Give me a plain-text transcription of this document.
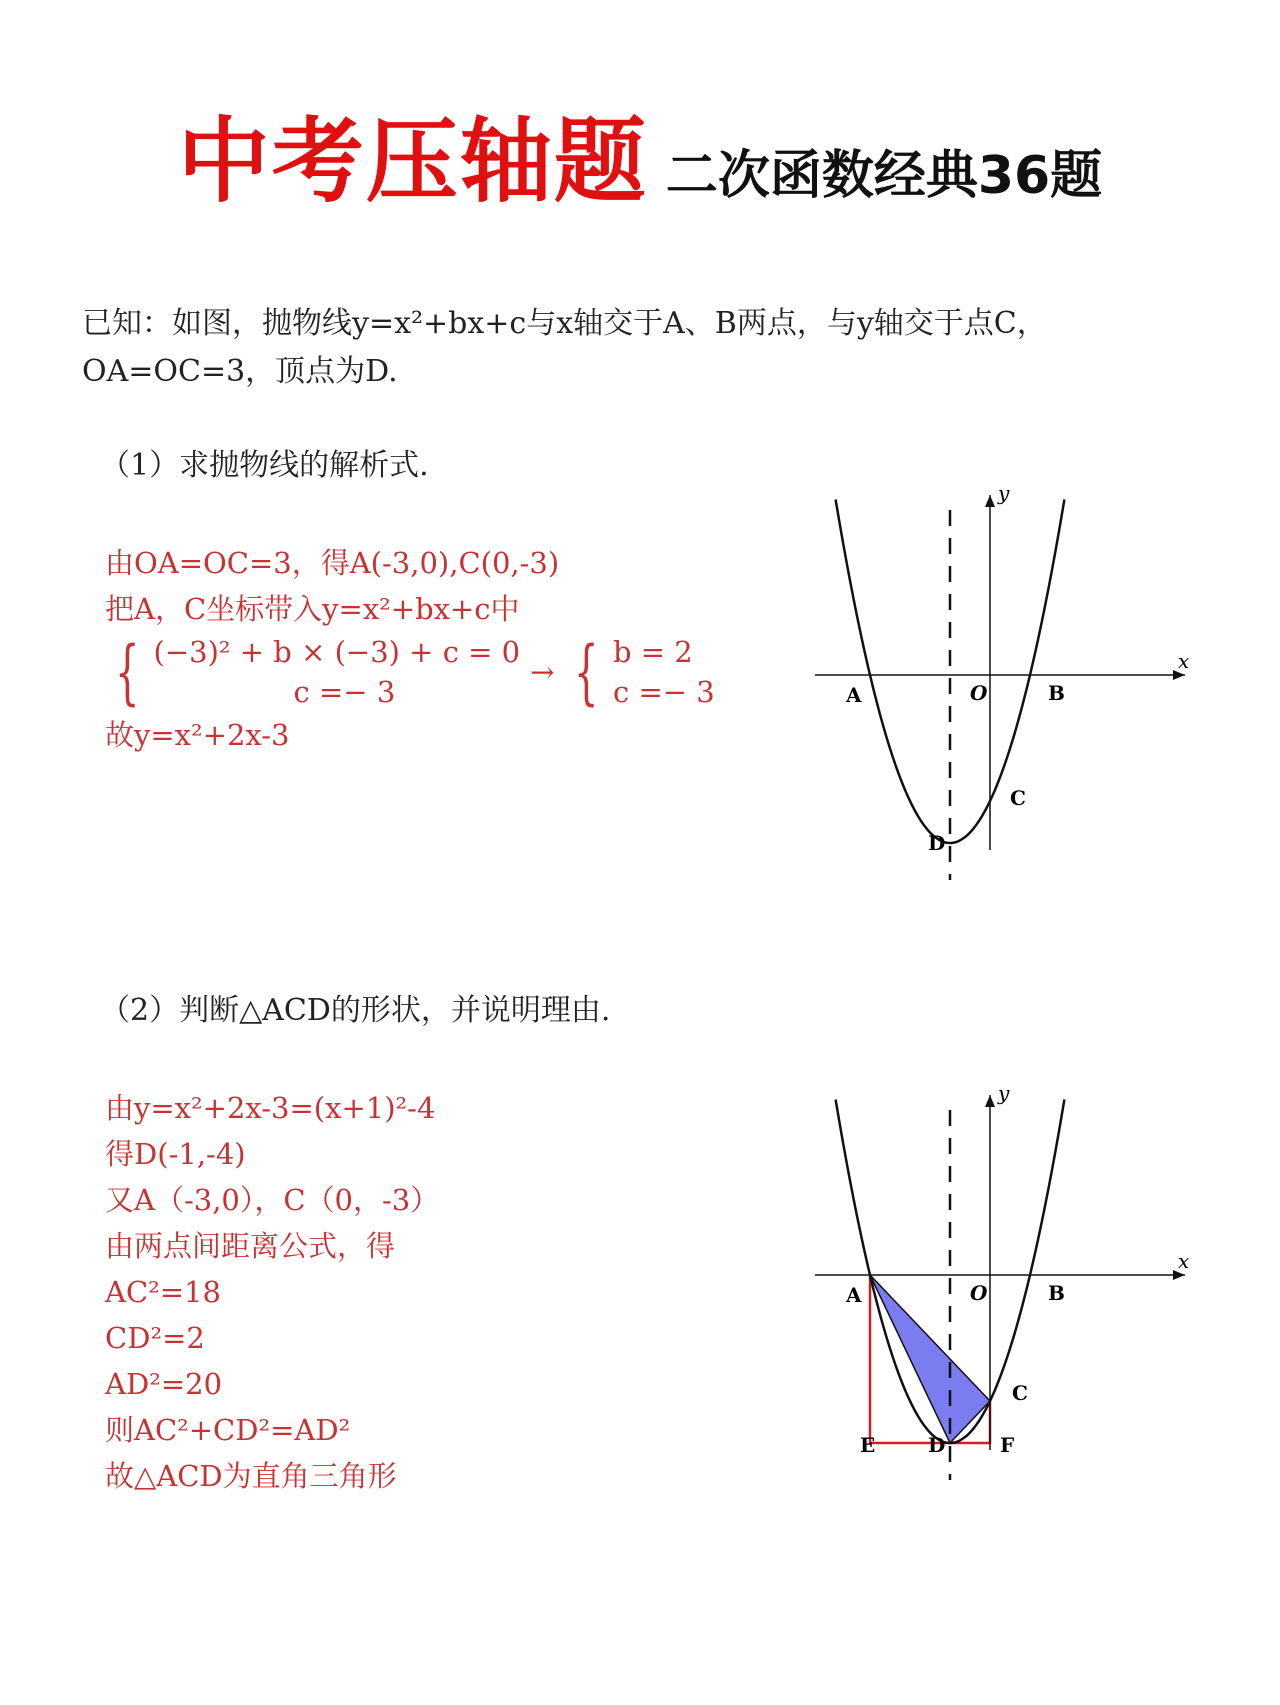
中考压轴题 二次函数经典36题
已知：如图，抛物线y=x²+bx+c与x轴交于A、B两点，与y轴交于点C，
OA=OC=3，顶点为D.
（1）求抛物线的解析式.
由OA=OC=3，得A(-3,0),C(0,-3)
把A，C坐标带入y=x²+bx+c中
{ (−3)² + b × (−3) + c = 0
c =− 3
→ { b = 2
c =− 3
故y=x²+2x-3
x
y
O
A	B
C
D
（2）判断△ACD的形状，并说明理由.
由y=x²+2x-3=(x+1)²-4
得D(-1,-4)
又A（-3,0），C（0，-3）
由两点间距离公式，得
AC²=18
CD²=2
AD²=20
则AC²+CD²=AD²
故△ACD为直角三角形
x
y
O
A	B
C
D
E	F
